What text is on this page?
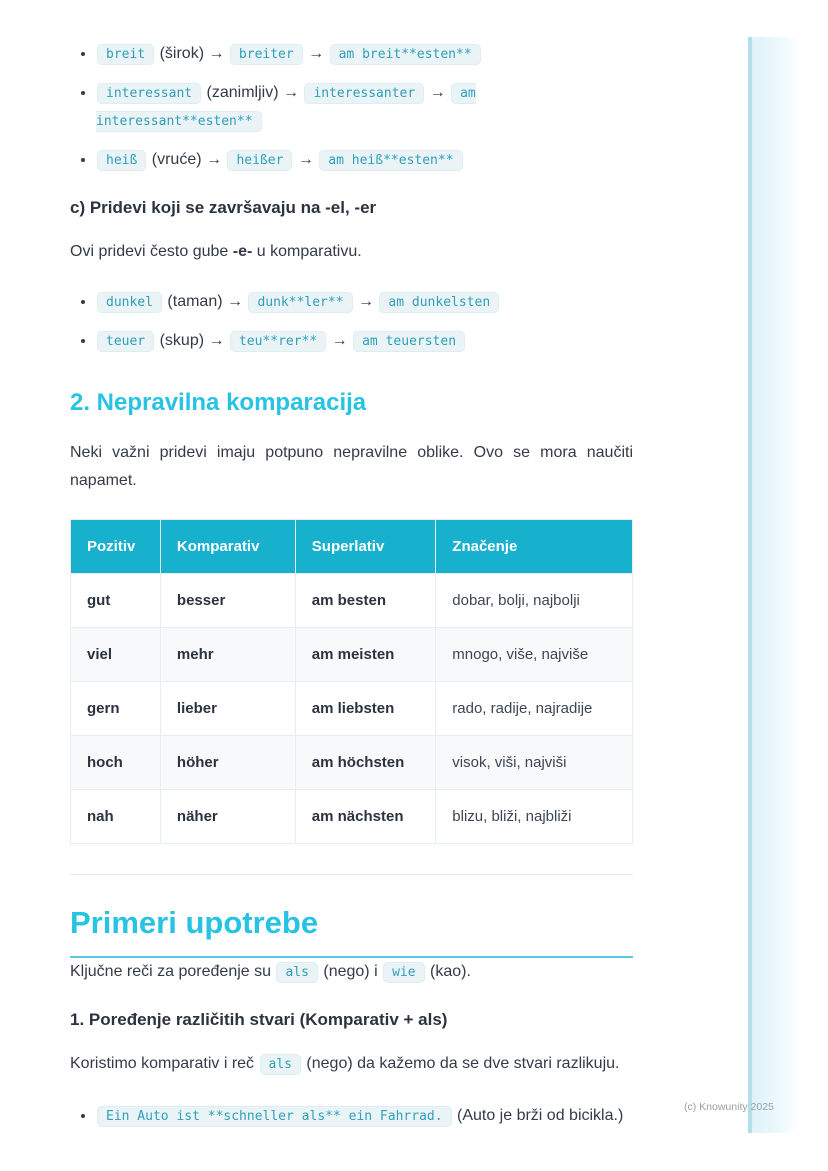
• breit (širok) → breiter → am breit**esten**
• interessant (zanimljiv) → interessanter → am interessant**esten**
• heiß (vruće) → heißer → am heiß**esten**
c) Pridevi koji se završavaju na -el, -er

Ovi pridevi često gube -e- u komparativu.

• dunkel (taman) → dunk**ler** → am dunkelsten
• teuer (skup) → teu**rer** → am teuersten
2. Nepravilna komparacija

Neki važni pridevi imaju potpuno nepravilne oblike. Ovo se mora naučiti napamet.

Pozitiv	Komparativ	Superlativ	Značenje
gut	besser	am besten	dobar, bolji, najbolji
viel	mehr	am meisten	mnogo, više, najviše
gern	lieber	am liebsten	rado, radije, najradije
hoch	höher	am höchsten	visok, viši, najviši
nah	näher	am nächsten	blizu, bliži, najbliži
Primeri upotrebe

Ključne reči za poređenje su als (nego) i wie (kao).

1. Poređenje različitih stvari (Komparativ + als)

Koristimo komparativ i reč als (nego) da kažemo da se dve stvari razlikuju.

• Ein Auto ist **schneller als** ein Fahrrad. (Auto je brži od bicikla.)	(c) Knowunity 2025
